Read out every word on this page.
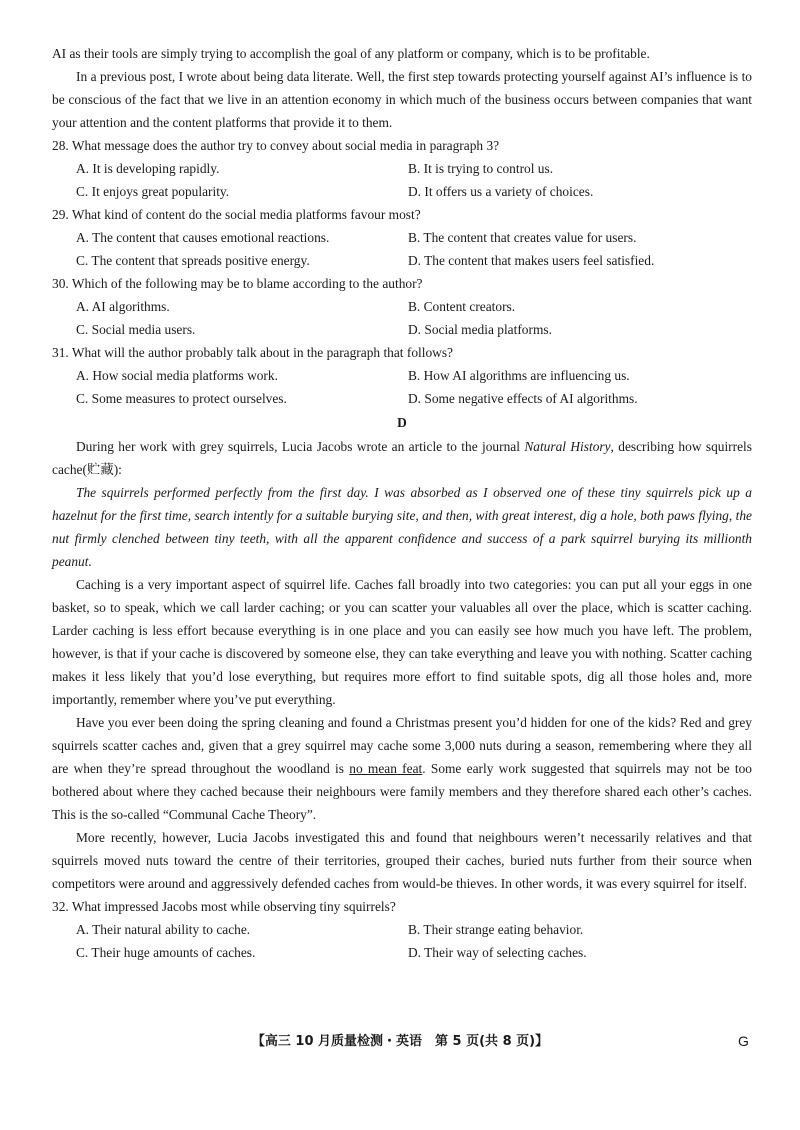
AI as their tools are simply trying to accomplish the goal of any platform or company, which is to be profitable.

In a previous post, I wrote about being data literate. Well, the first step towards protecting yourself against AI’s influence is to be conscious of the fact that we live in an attention economy in which much of the business occurs between companies that want your attention and the content platforms that provide it to them.

28. What message does the author try to convey about social media in paragraph 3?

A. It is developing rapidly.	B. It is trying to control us.
C. It enjoys great popularity.	D. It offers us a variety of choices.

29. What kind of content do the social media platforms favour most?

A. The content that causes emotional reactions.	B. The content that creates value for users.
C. The content that spreads positive energy.	D. The content that makes users feel satisfied.

30. Which of the following may be to blame according to the author?

A. AI algorithms.	B. Content creators.
C. Social media users.	D. Social media platforms.

31. What will the author probably talk about in the paragraph that follows?

A. How social media platforms work.	B. How AI algorithms are influencing us.
C. Some measures to protect ourselves.	D. Some negative effects of AI algorithms.
D

During her work with grey squirrels, Lucia Jacobs wrote an article to the journal Natural History, describing how squirrels cache(贮藏):

The squirrels performed perfectly from the first day. I was absorbed as I observed one of these tiny squirrels pick up a hazelnut for the first time, search intently for a suitable burying site, and then, with great interest, dig a hole, both paws flying, the nut firmly clenched between tiny teeth, with all the apparent confidence and success of a park squirrel burying its millionth peanut.

Caching is a very important aspect of squirrel life. Caches fall broadly into two categories: you can put all your eggs in one basket, so to speak, which we call larder caching; or you can scatter your valuables all over the place, which is scatter caching. Larder caching is less effort because everything is in one place and you can easily see how much you have left. The problem, however, is that if your cache is discovered by someone else, they can take everything and leave you with nothing. Scatter caching makes it less likely that you’d lose everything, but requires more effort to find suitable spots, dig all those holes and, more importantly, remember where you’ve put everything.

Have you ever been doing the spring cleaning and found a Christmas present you’d hidden for one of the kids? Red and grey squirrels scatter caches and, given that a grey squirrel may cache some 3,000 nuts during a season, remembering where they all are when they’re spread throughout the woodland is no mean feat. Some early work suggested that squirrels may not be too bothered about where they cached because their neighbours were family members and they therefore shared each other’s caches. This is the so-called “Communal Cache Theory”.

More recently, however, Lucia Jacobs investigated this and found that neighbours weren’t necessarily relatives and that squirrels moved nuts toward the centre of their territories, grouped their caches, buried nuts further from their source when competitors were around and aggressively defended caches from would-be thieves. In other words, it was every squirrel for itself.

32. What impressed Jacobs most while observing tiny squirrels?

A. Their natural ability to cache.	B. Their strange eating behavior.
C. Their huge amounts of caches.	D. Their way of selecting caches.
【高三 10 月质量检测・英语　第 5 页(共 8 页)】	G
